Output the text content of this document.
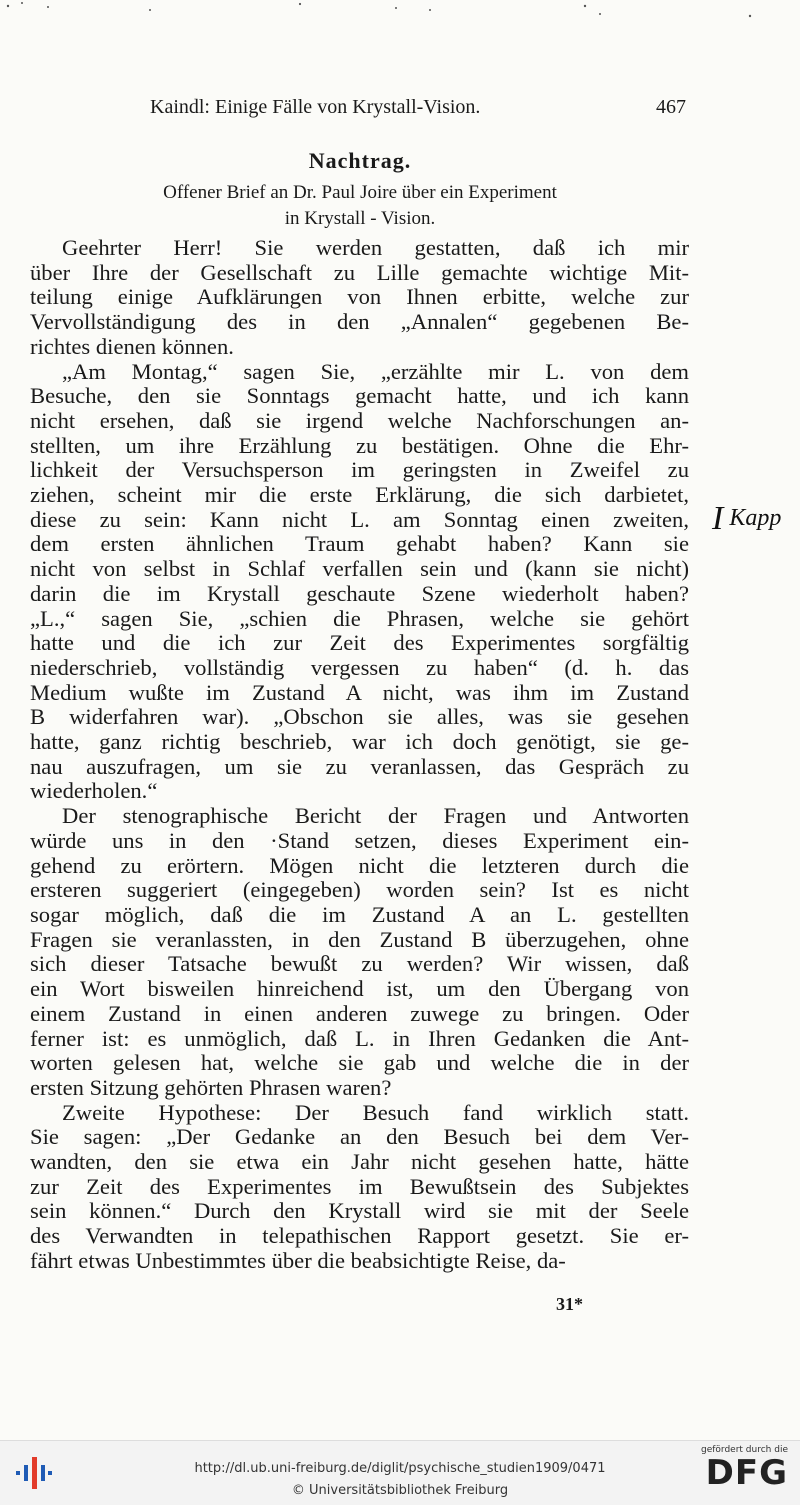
Kaindl: Einige Fälle von Krystall-Vision.	467
Nachtrag.
Offener Brief an Dr. Paul Joire über ein Experiment
in Krystall - Vision.
Geehrter Herr! Sie werden gestatten, daß ich mir
über Ihre der Gesellschaft zu Lille gemachte wichtige Mit-
teilung einige Aufklärungen von Ihnen erbitte, welche zur
Vervollständigung des in den „Annalen“ gegebenen Be-
richtes dienen können.
„Am Montag,“ sagen Sie, „erzählte mir L. von dem
Besuche, den sie Sonntags gemacht hatte, und ich kann
nicht ersehen, daß sie irgend welche Nachforschungen an-
stellten, um ihre Erzählung zu bestätigen. Ohne die Ehr-
lichkeit der Versuchsperson im geringsten in Zweifel zu
ziehen, scheint mir die erste Erklärung, die sich darbietet,
diese zu sein: Kann nicht L. am Sonntag einen zweiten,
dem ersten ähnlichen Traum gehabt haben? Kann sie
nicht von selbst in Schlaf verfallen sein und (kann sie nicht)
darin die im Krystall geschaute Szene wiederholt haben?
„L.,“ sagen Sie, „schien die Phrasen, welche sie gehört
hatte und die ich zur Zeit des Experimentes sorgfältig
niederschrieb, vollständig vergessen zu haben“ (d. h. das
Medium wußte im Zustand A nicht, was ihm im Zustand
B widerfahren war). „Obschon sie alles, was sie gesehen
hatte, ganz richtig beschrieb, war ich doch genötigt, sie ge-
nau auszufragen, um sie zu veranlassen, das Gespräch zu
wiederholen.“
Der stenographische Bericht der Fragen und Antworten
würde uns in den ·Stand setzen, dieses Experiment ein-
gehend zu erörtern. Mögen nicht die letzteren durch die
ersteren suggeriert (eingegeben) worden sein? Ist es nicht
sogar möglich, daß die im Zustand A an L. gestellten
Fragen sie veranlassten, in den Zustand B überzugehen, ohne
sich dieser Tatsache bewußt zu werden? Wir wissen, daß
ein Wort bisweilen hinreichend ist, um den Übergang von
einem Zustand in einen anderen zuwege zu bringen. Oder
ferner ist: es unmöglich, daß L. in Ihren Gedanken die Ant-
worten gelesen hat, welche sie gab und welche die in der
ersten Sitzung gehörten Phrasen waren?
Zweite Hypothese: Der Besuch fand wirklich statt.
Sie sagen: „Der Gedanke an den Besuch bei dem Ver-
wandten, den sie etwa ein Jahr nicht gesehen hatte, hätte
zur Zeit des Experimentes im Bewußtsein des Subjektes
sein können.“ Durch den Krystall wird sie mit der Seele
des Verwandten in telepathischen Rapport gesetzt. Sie er-
fährt etwas Unbestimmtes über die beabsichtigte Reise, da-
I Kapp
31*
http://dl.ub.uni-freiburg.de/diglit/psychische_studien1909/0471
© Universitätsbibliothek Freiburg
gefördert durch die
DFG
